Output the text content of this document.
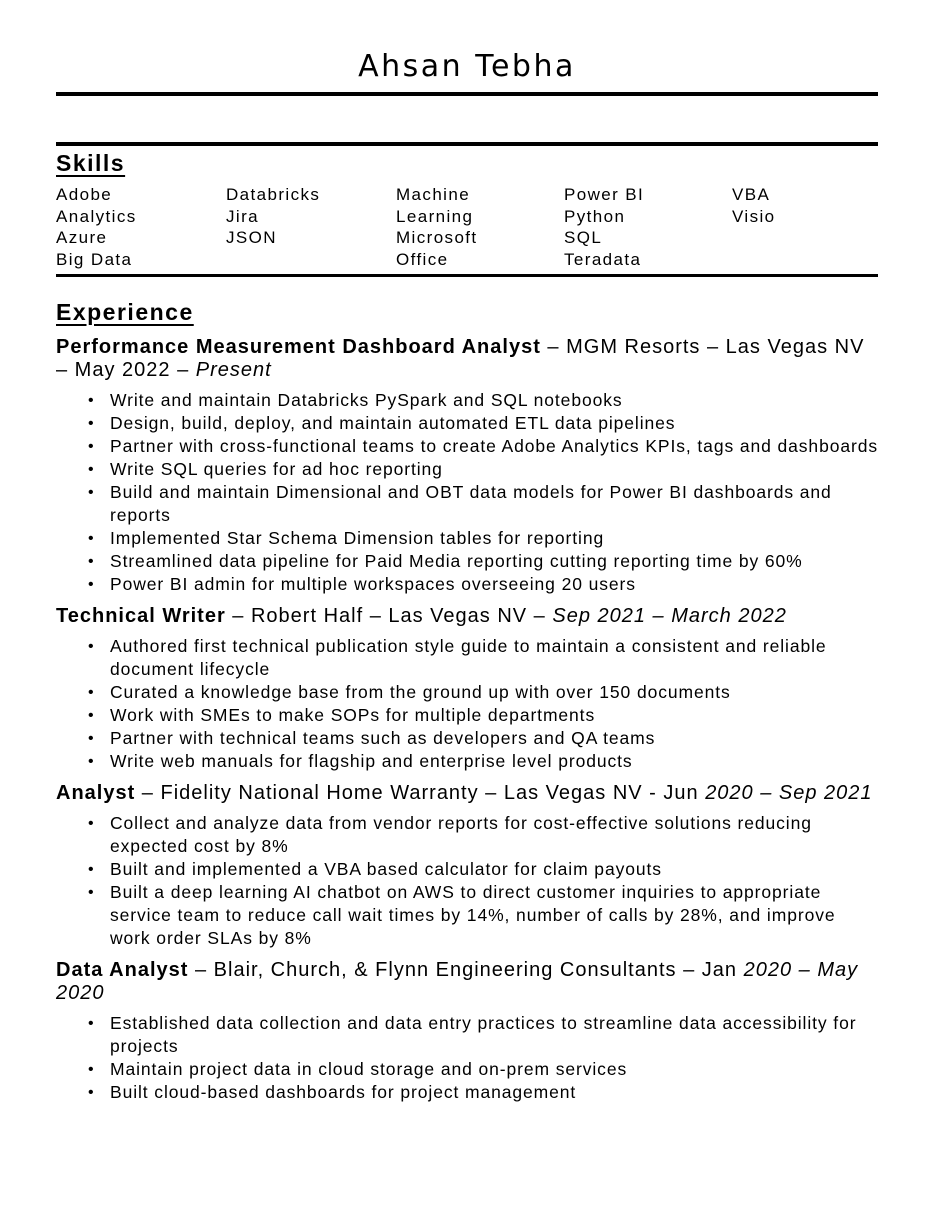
Ahsan Tebha
Skills
Adobe
Analytics
Azure
Big Data
Databricks
Jira
JSON
Machine
Learning
Microsoft
Office
Power BI
Python
SQL
Teradata
VBA
Visio
Experience

Performance Measurement Dashboard Analyst – MGM Resorts – Las Vegas NV – May 2022 – Present

• Write and maintain Databricks PySpark and SQL notebooks
• Design, build, deploy, and maintain automated ETL data pipelines
• Partner with cross-functional teams to create Adobe Analytics KPIs, tags and dashboards
• Write SQL queries for ad hoc reporting
• Build and maintain Dimensional and OBT data models for Power BI dashboards and reports
• Implemented Star Schema Dimension tables for reporting
• Streamlined data pipeline for Paid Media reporting cutting reporting time by 60%
• Power BI admin for multiple workspaces overseeing 20 users

Technical Writer – Robert Half – Las Vegas NV – Sep 2021 – March 2022

• Authored first technical publication style guide to maintain a consistent and reliable document lifecycle
• Curated a knowledge base from the ground up with over 150 documents
• Work with SMEs to make SOPs for multiple departments
• Partner with technical teams such as developers and QA teams
• Write web manuals for flagship and enterprise level products

Analyst – Fidelity National Home Warranty – Las Vegas NV - Jun 2020 – Sep 2021

• Collect and analyze data from vendor reports for cost-effective solutions reducing expected cost by 8%
• Built and implemented a VBA based calculator for claim payouts
• Built a deep learning AI chatbot on AWS to direct customer inquiries to appropriate service team to reduce call wait times by 14%, number of calls by 28%, and improve work order SLAs by 8%

Data Analyst – Blair, Church, & Flynn Engineering Consultants – Jan 2020 – May 2020

• Established data collection and data entry practices to streamline data accessibility for projects
• Maintain project data in cloud storage and on-prem services
• Built cloud-based dashboards for project management
